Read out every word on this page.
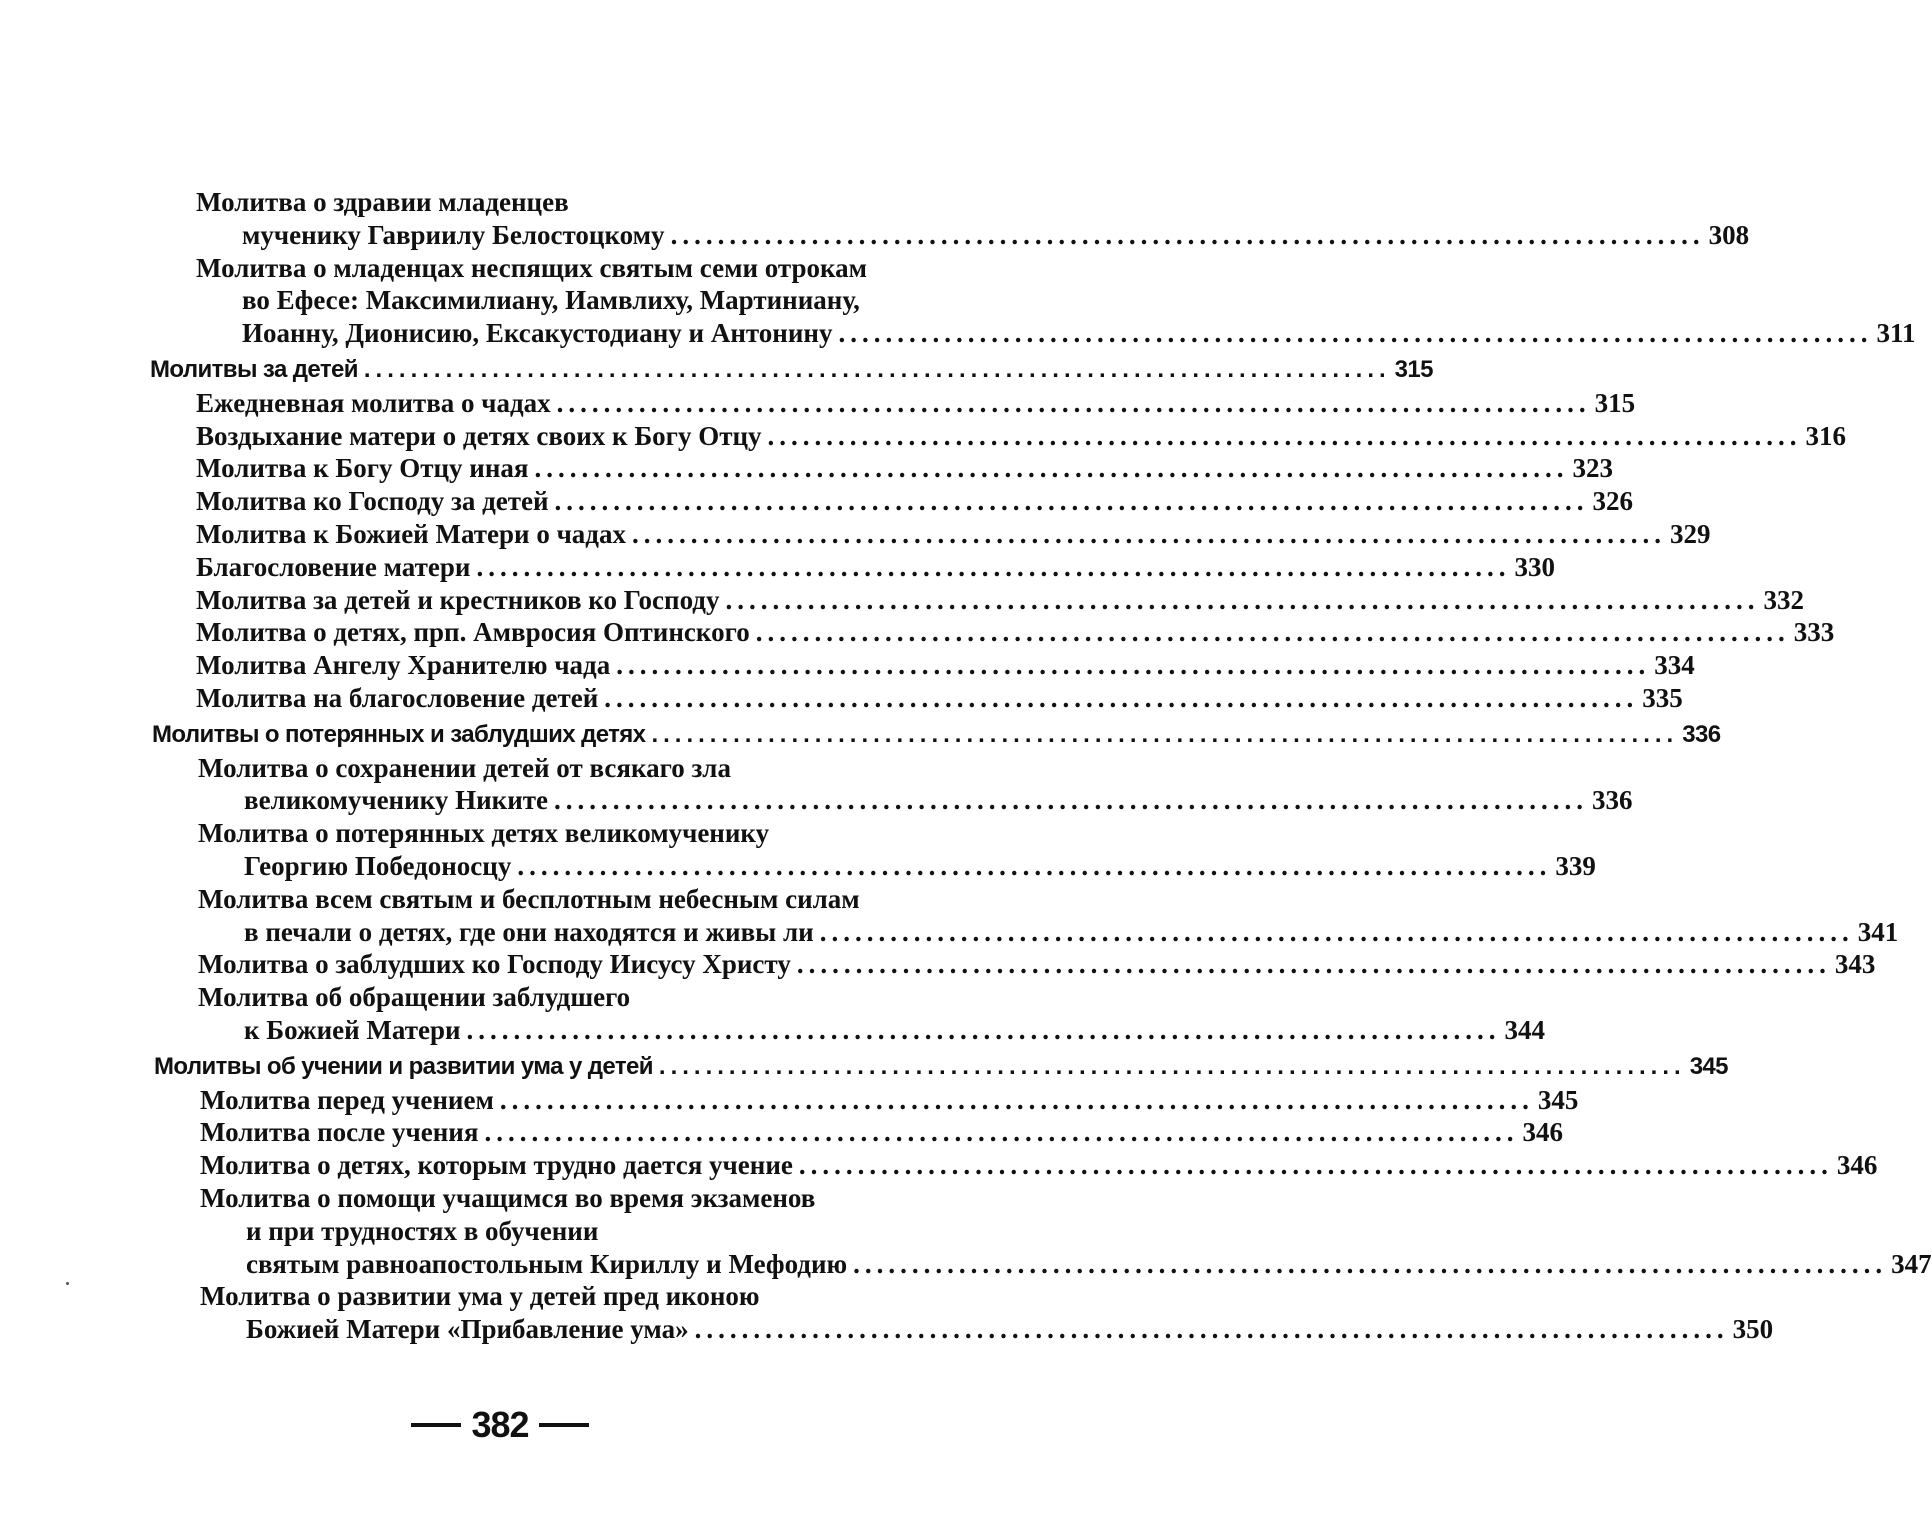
Молитва о здравии младенцев
мученику Гавриилу Белостоцкому ........................................................................................ 308
Молитва о младенцах неспящих святым семи отрокам
во Ефесе: Максимилиану, Иамвлиху, Мартиниану,
Иоанну, Дионисию, Ексакустодиану и Антонину ........................................................................................ 311
Молитвы за детей ........................................................................................ 315
Ежедневная молитва о чадах ........................................................................................ 315
Воздыхание матери о детях своих к Богу Отцу ........................................................................................ 316
Молитва к Богу Отцу иная ........................................................................................ 323
Молитва ко Господу за детей ........................................................................................ 326
Молитва к Божией Матери о чадах ........................................................................................ 329
Благословение матери ........................................................................................ 330
Молитва за детей и крестников ко Господу ........................................................................................ 332
Молитва о детях, прп. Амвросия Оптинского ........................................................................................ 333
Молитва Ангелу Хранителю чада ........................................................................................ 334
Молитва на благословение детей ........................................................................................ 335
Молитвы о потерянных и заблудших детях ........................................................................................ 336
Молитва о сохранении детей от всякаго зла
великомученику Никите ........................................................................................ 336
Молитва о потерянных детях великомученику
Георгию Победоносцу ........................................................................................ 339
Молитва всем святым и бесплотным небесным силам
в печали о детях, где они находятся и живы ли ........................................................................................ 341
Молитва о заблудших ко Господу Иисусу Христу ........................................................................................ 343
Молитва об обращении заблудшего
к Божией Матери ........................................................................................ 344
Молитвы об учении и развитии ума у детей ........................................................................................ 345
Молитва перед учением ........................................................................................ 345
Молитва после учения ........................................................................................ 346
Молитва о детях, которым трудно дается учение ........................................................................................ 346
Молитва о помощи учащимся во время экзаменов
и при трудностях в обучении
святым равноапостольным Кириллу и Мефодию ........................................................................................ 347
Молитва о развитии ума у детей пред иконою
Божией Матери «Прибавление ума» ........................................................................................ 350
382
